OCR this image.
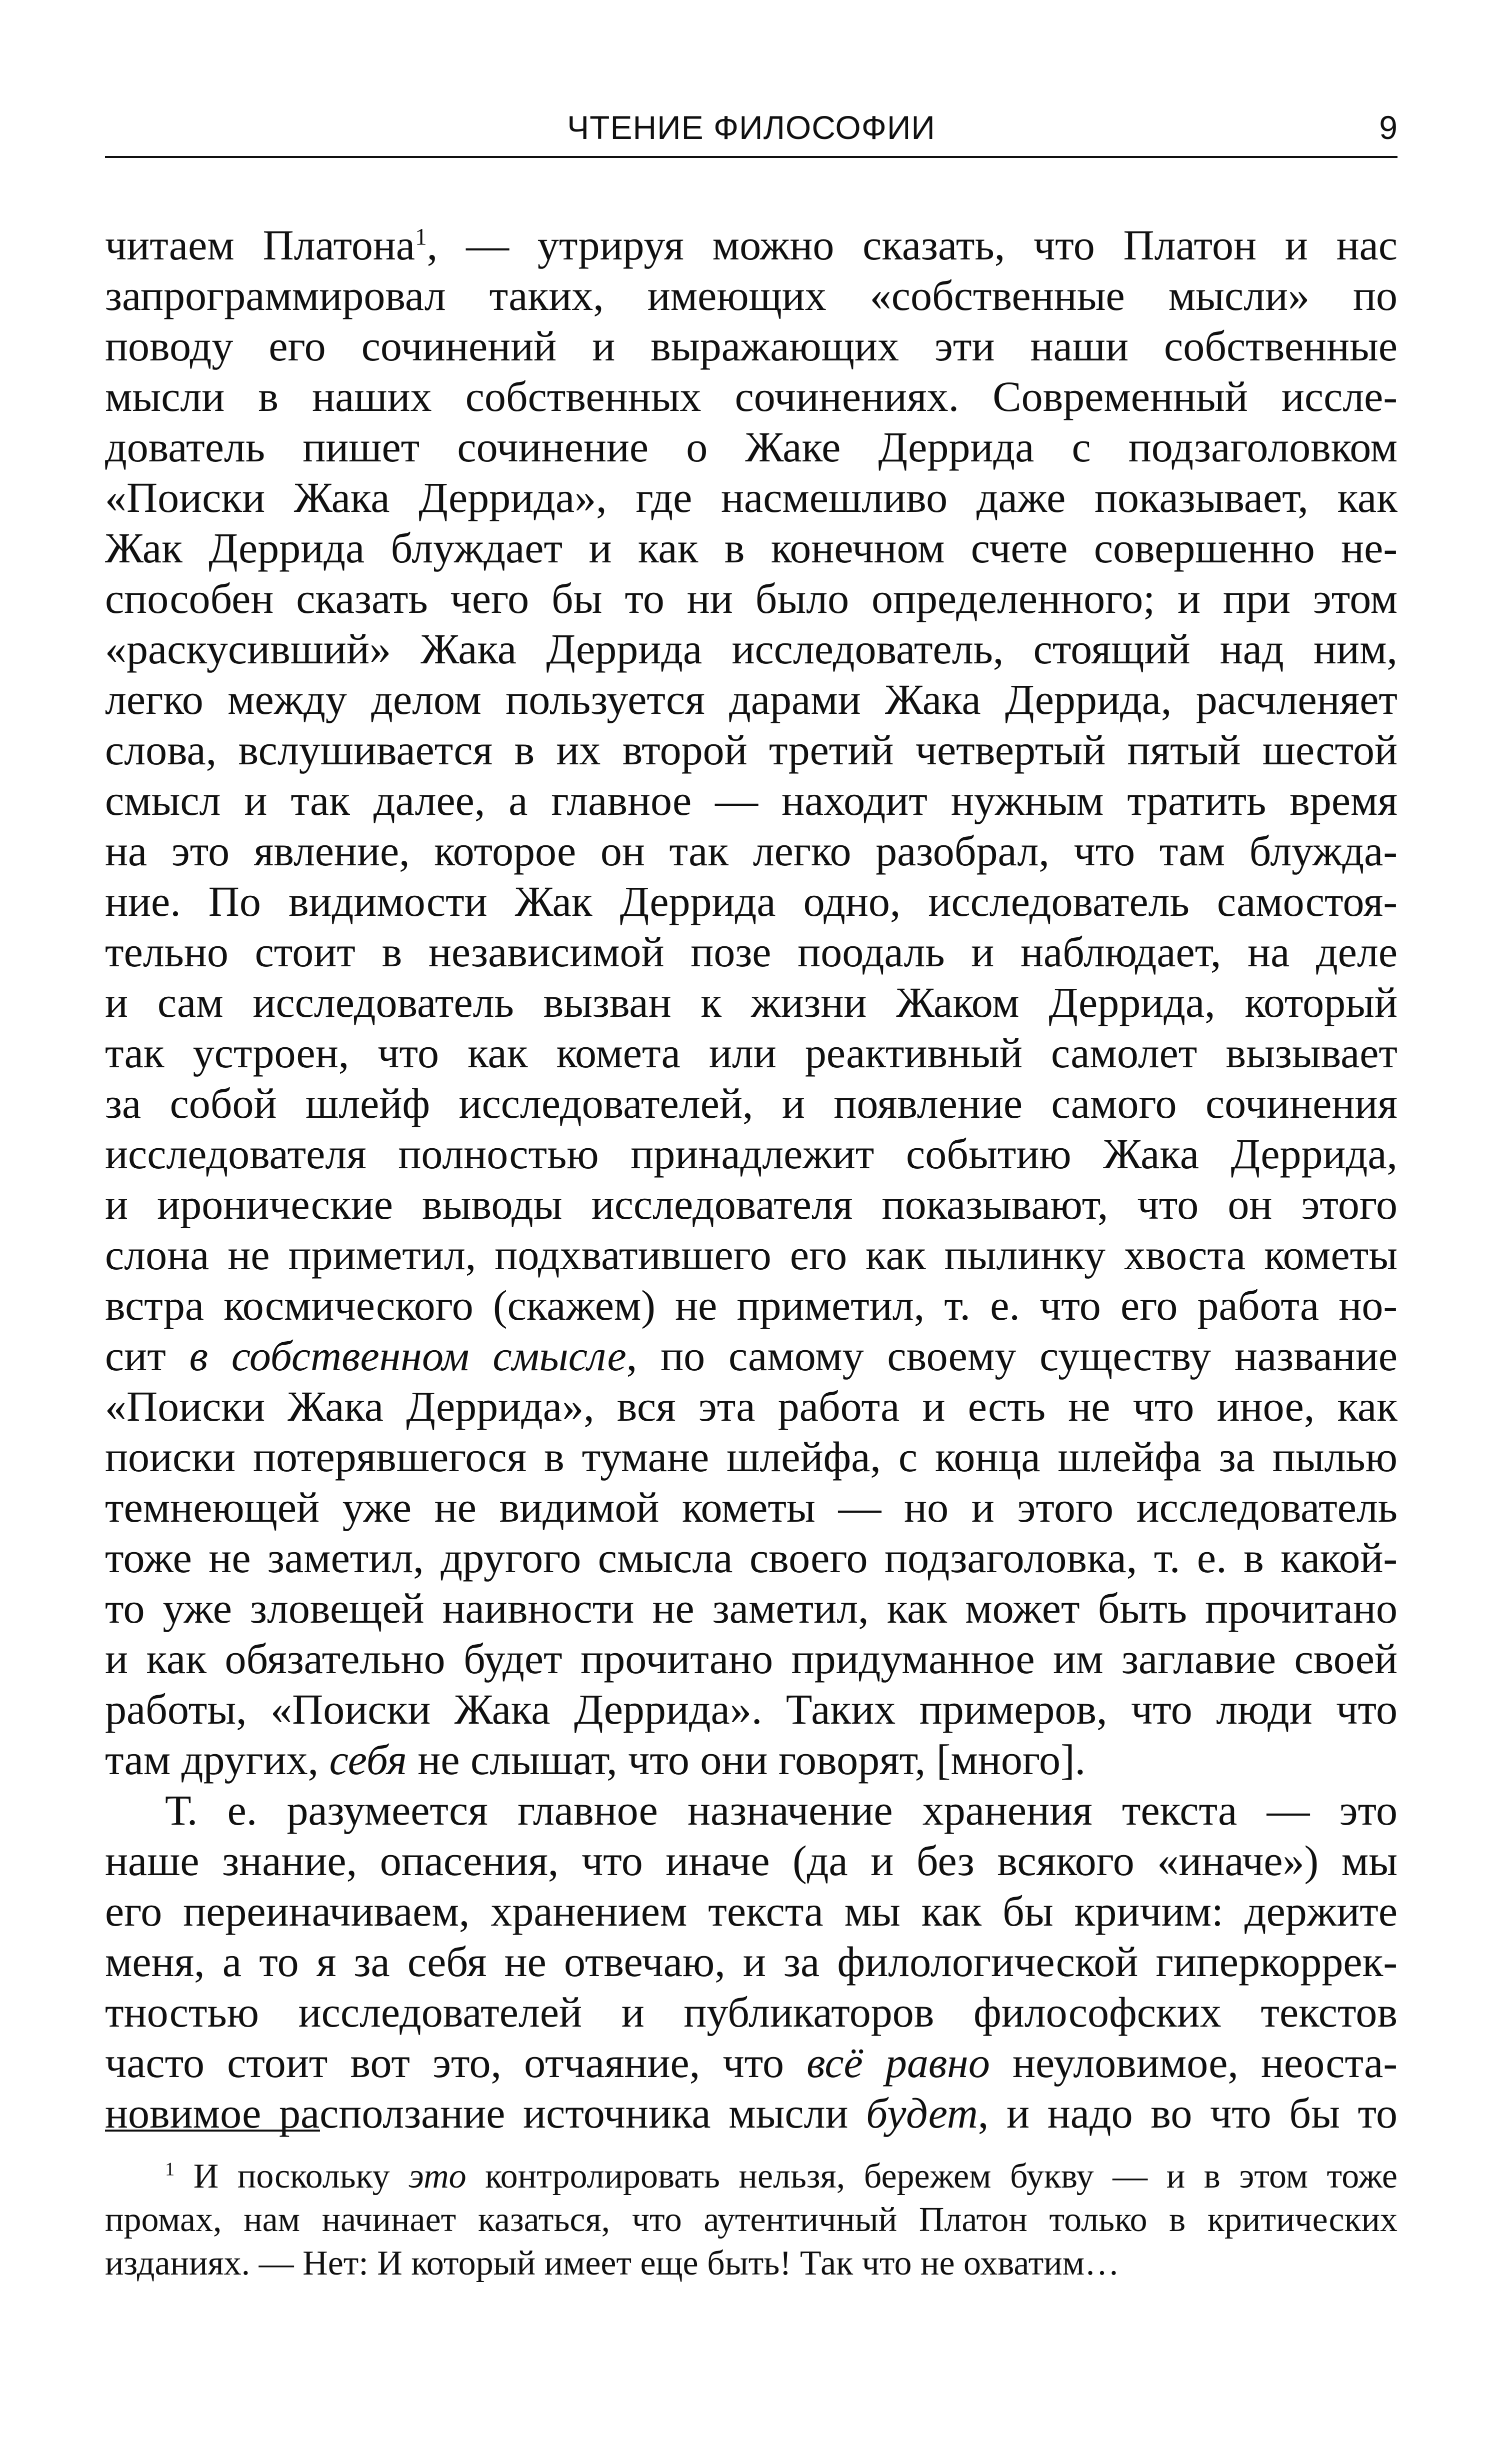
ЧТЕНИЕ ФИЛОСОФИИ	9
читаем Платона$^1$, — утрируя можно сказать, что Платон и нас
запрограммировал таких, имеющих «собственные мысли» по
поводу его сочинений и выражающих эти наши собственные
мысли в наших собственных сочинениях. Современный иссле-
дователь пишет сочинение о Жаке Деррида с подзаголовком
«Поиски Жака Деррида», где насмешливо даже показывает, как
Жак Деррида блуждает и как в конечном счете совершенно не-
способен сказать чего бы то ни было определенного; и при этом
«раскусивший» Жака Деррида исследователь, стоящий над ним,
легко между делом пользуется дарами Жака Деррида, расчленяет
слова, вслушивается в их второй третий четвертый пятый шестой
смысл и так далее, а главное — находит нужным тратить время
на это явление, которое он так легко разобрал, что там блужда-
ние. По видимости Жак Деррида одно, исследователь самостоя-
тельно стоит в независимой позе поодаль и наблюдает, на деле
и сам исследователь вызван к жизни Жаком Деррида, который
так устроен, что как комета или реактивный самолет вызывает
за собой шлейф исследователей, и появление самого сочинения
исследователя полностью принадлежит событию Жака Деррида,
и иронические выводы исследователя показывают, что он этого
слона не приметил, подхватившего его как пылинку хвоста кометы
встра космического (скажем) не приметил, т. е. что его работа но-
сит в собственном смысле, по самому своему существу название
«Поиски Жака Деррида», вся эта работа и есть не что иное, как
поиски потерявшегося в тумане шлейфа, с конца шлейфа за пылью
темнеющей уже не видимой кометы — но и этого исследователь
тоже не заметил, другого смысла своего подзаголовка, т. е. в какой-
то уже зловещей наивности не заметил, как может быть прочитано
и как обязательно будет прочитано придуманное им заглавие своей
работы, «Поиски Жака Деррида». Таких примеров, что люди что
там других, себя не слышат, что они говорят, [много].
Т. е. разумеется главное назначение хранения текста — это
наше знание, опасения, что иначе (да и без всякого «иначе») мы
его переиначиваем, хранением текста мы как бы кричим: держите
меня, а то я за себя не отвечаю, и за филологической гиперкоррек-
тностью исследователей и публикаторов философских текстов
часто стоит вот это, отчаяние, что всё равно неуловимое, неоста-
новимое расползание источника мысли будет, и надо во что бы то
$^1$ И поскольку это контролировать нельзя, бережем букву — и в этом тоже
промах, нам начинает казаться, что аутентичный Платон только в критических
изданиях. — Нет: И который имеет еще быть! Так что не охватим…
